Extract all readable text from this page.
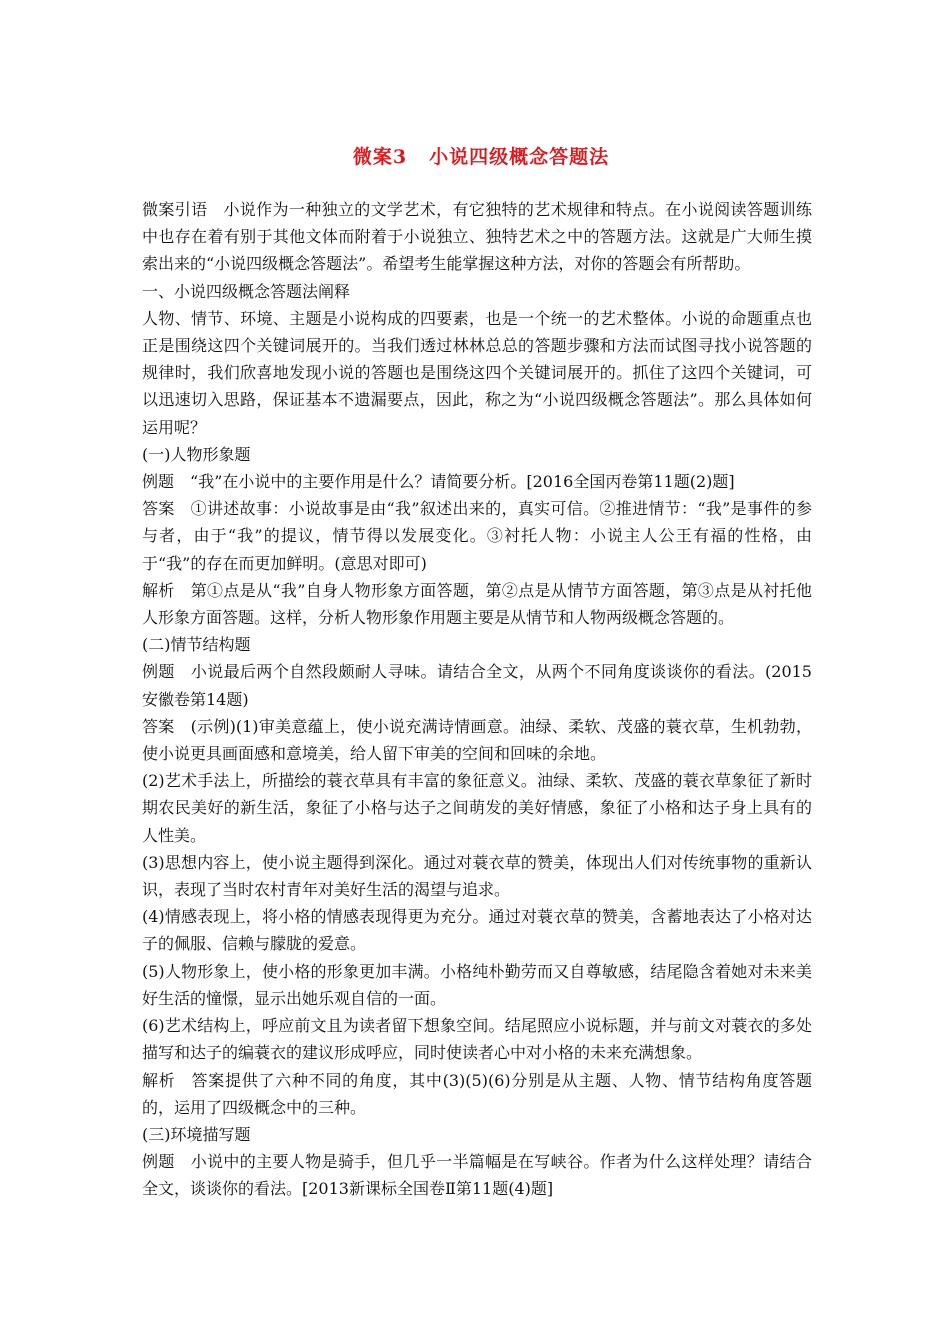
微案3 小说四级概念答题法

微案引语 小说作为一种独立的文学艺术，有它独特的艺术规律和特点。在小说阅读答题训练中也存在着有别于其他文体而附着于小说独立、独特艺术之中的答题方法。这就是广大师生摸索出来的“小说四级概念答题法”。希望考生能掌握这种方法，对你的答题会有所帮助。

一、小说四级概念答题法阐释

人物、情节、环境、主题是小说构成的四要素，也是一个统一的艺术整体。小说的命题重点也正是围绕这四个关键词展开的。当我们透过林林总总的答题步骤和方法而试图寻找小说答题的规律时，我们欣喜地发现小说的答题也是围绕这四个关键词展开的。抓住了这四个关键词，可以迅速切入思路，保证基本不遗漏要点，因此，称之为“小说四级概念答题法”。那么具体如何运用呢？

(一)人物形象题

例题 “我”在小说中的主要作用是什么？请简要分析。[2016全国丙卷第11题(2)题]

答案 ①讲述故事：小说故事是由“我”叙述出来的，真实可信。②推进情节：“我”是事件的参与者，由于“我”的提议，情节得以发展变化。③衬托人物：小说主人公王有福的性格，由于“我”的存在而更加鲜明。(意思对即可)

解析 第①点是从“我”自身人物形象方面答题，第②点是从情节方面答题，第③点是从衬托他人形象方面答题。这样，分析人物形象作用题主要是从情节和人物两级概念答题的。

(二)情节结构题

例题 小说最后两个自然段颇耐人寻味。请结合全文，从两个不同角度谈谈你的看法。(2015安徽卷第14题)

答案 (示例)(1)审美意蕴上，使小说充满诗情画意。油绿、柔软、茂盛的蓑衣草，生机勃勃，使小说更具画面感和意境美，给人留下审美的空间和回味的余地。

(2)艺术手法上，所描绘的蓑衣草具有丰富的象征意义。油绿、柔软、茂盛的蓑衣草象征了新时期农民美好的新生活，象征了小格与达子之间萌发的美好情感，象征了小格和达子身上具有的人性美。

(3)思想内容上，使小说主题得到深化。通过对蓑衣草的赞美，体现出人们对传统事物的重新认识，表现了当时农村青年对美好生活的渴望与追求。

(4)情感表现上，将小格的情感表现得更为充分。通过对蓑衣草的赞美，含蓄地表达了小格对达子的佩服、信赖与朦胧的爱意。

(5)人物形象上，使小格的形象更加丰满。小格纯朴勤劳而又自尊敏感，结尾隐含着她对未来美好生活的憧憬，显示出她乐观自信的一面。

(6)艺术结构上，呼应前文且为读者留下想象空间。结尾照应小说标题，并与前文对蓑衣的多处描写和达子的编蓑衣的建议形成呼应，同时使读者心中对小格的未来充满想象。

解析 答案提供了六种不同的角度，其中(3)(5)(6)分别是从主题、人物、情节结构角度答题的，运用了四级概念中的三种。

(三)环境描写题

例题 小说中的主要人物是骑手，但几乎一半篇幅是在写峡谷。作者为什么这样处理？请结合全文，谈谈你的看法。[2013新课标全国卷Ⅱ第11题(4)题]
